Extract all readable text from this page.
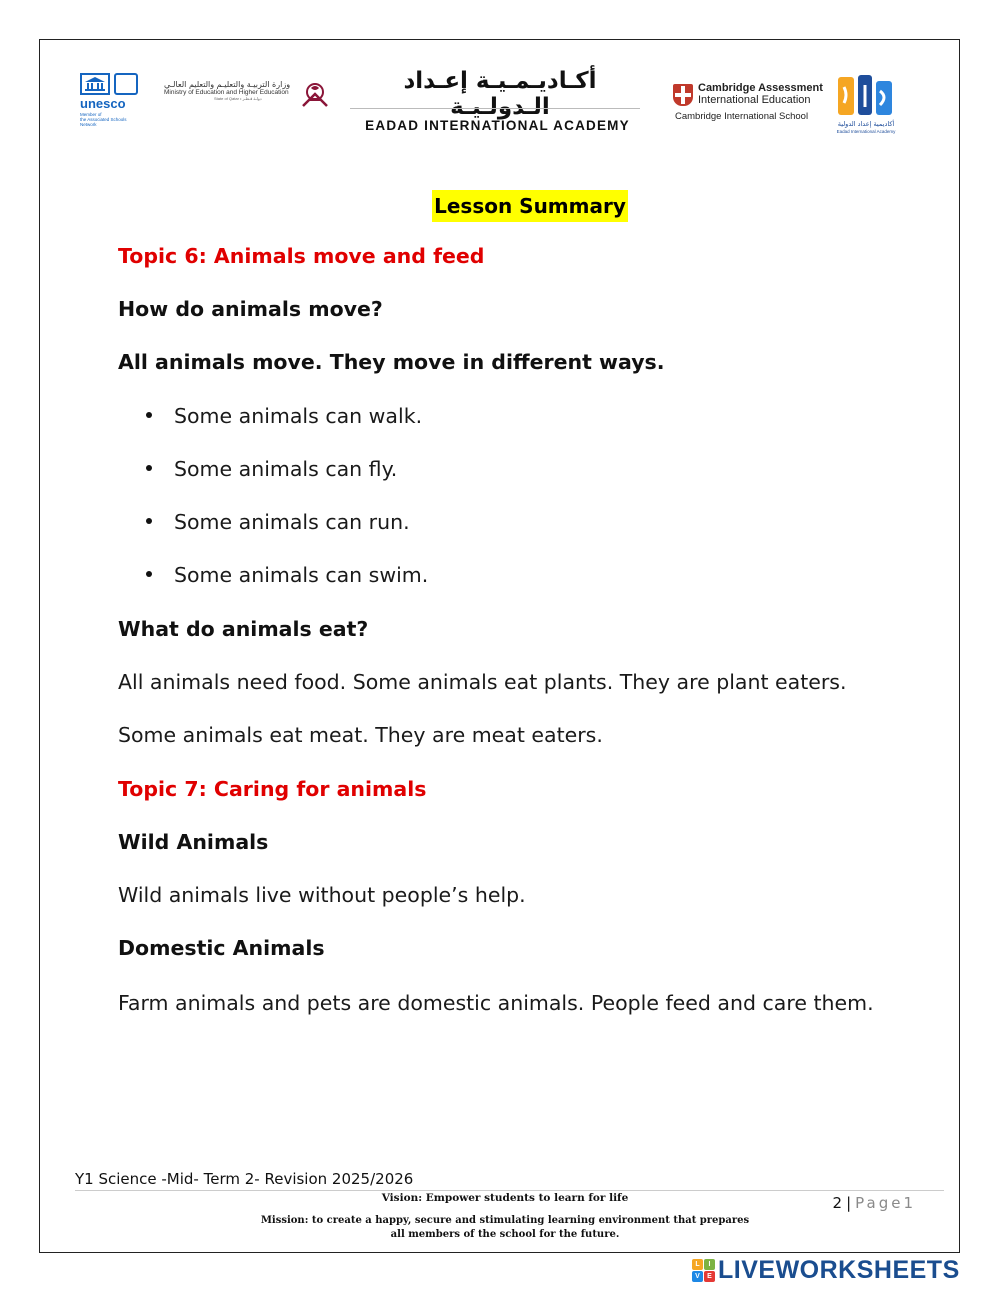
unesco
Member of
the Associated Schools
Network
وزارة التربيـة والتعليـم والتعليم العالـي
Ministry of Education and Higher Education
State of Qatar • دولـة قـطـر
أكـاديـمـيـة إعـداد الـدولـيـة
EADAD INTERNATIONAL ACADEMY
Cambridge Assessment
International Education
Cambridge International School
أكاديمية إعداد الدولية
Eadad International Academy
Lesson Summary
Topic 6: Animals move and feed
How do animals move?
All animals move. They move in different ways.
Some animals can walk.
Some animals can fly.
Some animals can run.
Some animals can swim.
What do animals eat?
All animals need food. Some animals eat plants. They are plant eaters.
Some animals eat meat. They are meat eaters.
Topic 7: Caring for animals
Wild Animals
Wild animals live without people’s help.
Domestic Animals
Farm animals and pets are domestic animals. People feed and care them.
Y1 Science -Mid- Term 2- Revision 2025/2026
Vision: Empower students to learn for life
Mission: to create a happy, secure and stimulating learning environment that prepares
all members of the school for the future.
2 | Page1
L	I
V	E LIVEWORKSHEETS
